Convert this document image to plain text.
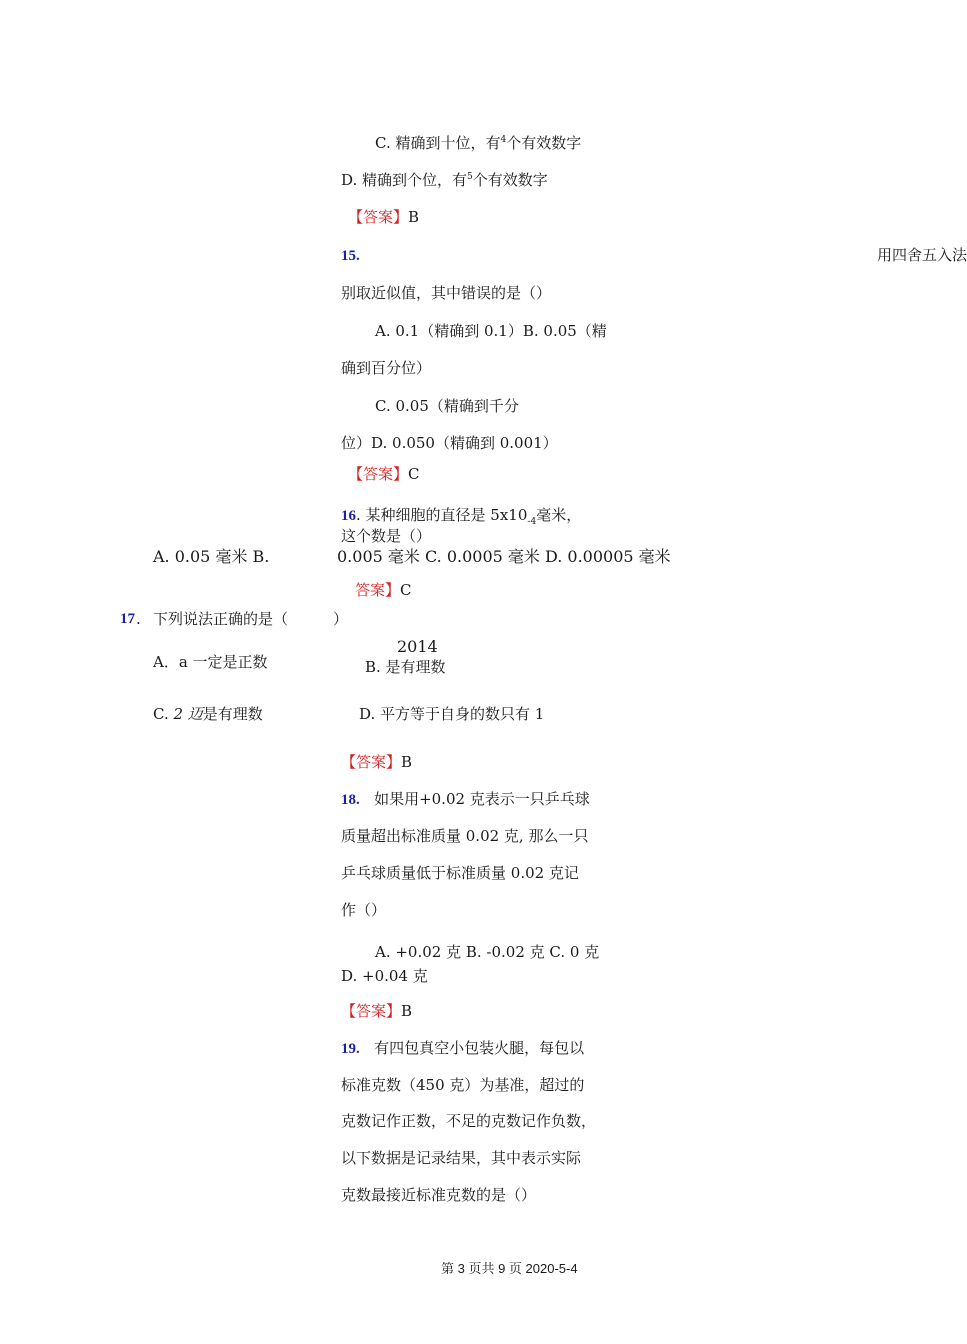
C. 精确到十位，有$^4$个有效数字
D. 精确到个位，有$^5$个有效数字
【答案】B
15.	用四舍五入法
别取近似值，其中错误的是（）
A. 0.1（精确到 0.1）B. 0.05（精
确到百分位）
C. 0.05（精确到千分
位）D. 0.050（精确到 0.001）
【答案】C
16. 某种细胞的直径是 $5x10_{-4}$毫米，
这个数是（）
A. 0.05 毫米 B.	0.005 毫米 C. 0.0005 毫米 D. 0.00005 毫米
答案】C
17 . 下列说法正确的是（　　　）
A．a 一定是正数
2014
B. 是有理数
C. 2 迈是有理数	D. 平方等于自身的数只有 1
【答案】B
18. 如果用+0.02 克表示一只乒乓球
质量超出标准质量 0.02 克, 那么一只
乒乓球质量低于标准质量 0.02 克记
作（）
A. +0.02 克 B. -0.02 克 C. 0 克
D. +0.04 克
【答案】B
19. 有四包真空小包装火腿，每包以
标准克数（450 克）为基准，超过的
克数记作正数，不足的克数记作负数，
以下数据是记录结果，其中表示实际
克数最接近标准克数的是（）
第 3 页共 9 页 2020-5-4
